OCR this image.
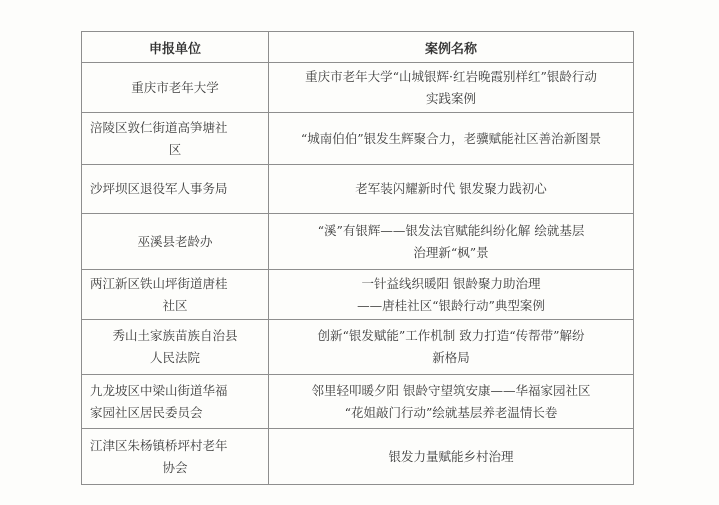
申报单位	案例名称

重庆市老年大学	重庆市老年大学“山城银辉·红岩晚霞别样红”银龄行动
实践案例

涪陵区敦仁街道高笋塘社
区	“城南伯伯”银发生辉聚合力，老骥赋能社区善治新图景

沙坪坝区退役军人事务局	老军装闪耀新时代 银发聚力践初心

巫溪县老龄办	“溪”有银辉——银发法官赋能纠纷化解 绘就基层
治理新“枫”景

两江新区铁山坪街道唐桂
社区	一针益线织暖阳 银龄聚力助治理
——唐桂社区“银龄行动”典型案例

秀山土家族苗族自治县
人民法院	创新“银发赋能”工作机制 致力打造“传帮带”解纷
新格局

九龙坡区中梁山街道华福
家园社区居民委员会	邻里轻叩暖夕阳 银龄守望筑安康——华福家园社区
“花姐敲门行动”绘就基层养老温情长卷

江津区朱杨镇桥坪村老年
协会	银发力量赋能乡村治理
